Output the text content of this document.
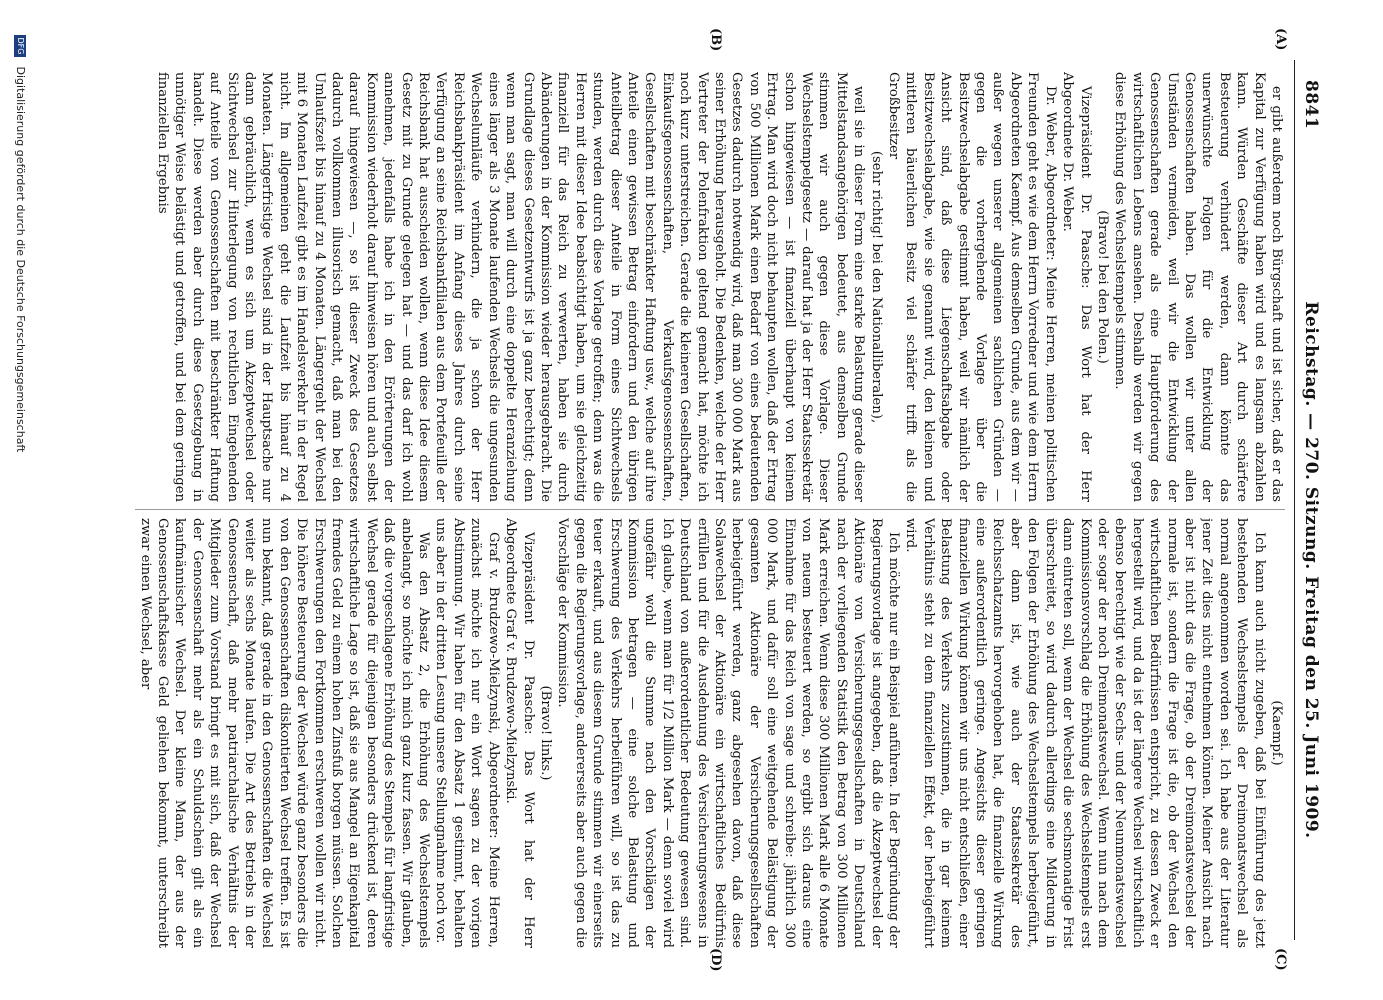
8841
Reichstag. — 270. Sitzung. Freitag den 25. Juni 1909.
(C)
(D)
(A)
(B)

er gibt außerdem noch Bürgschaft und ist sicher, daß er das Kapital zur Verfügung haben wird und es langsam abzahlen kann. Würden Geschäfte dieser Art durch schärfere Besteuerung verhindert werden, dann könnte das unerwünschte Folgen für die Entwicklung der Genossenschaften haben. Das wollen wir unter allen Umständen vermeiden, weil wir die Entwicklung der Genossenschaften gerade als eine Hauptforderung des wirtschaftlichen Lebens ansehen. Deshalb werden wir gegen diese Erhöhung des Wechselstempels stimmen.

(Bravo! bei den Polen.)

Vizepräsident Dr. Paasche: Das Wort hat der Herr Abgeordnete Dr. Weber.

Dr. Weber, Abgeordneter: Meine Herren, meinen politischen Freunden geht es wie dem Herrn Vorredner und wie dem Herrn Abgeordneten Kaempf. Aus demselben Grunde, aus dem wir — außer wegen unserer allgemeinen sachlichen Gründen — gegen die vorhergehende Vorlage über die Besitzwechselabgabe gestimmt haben, weil wir nämlich der Ansicht sind, daß diese Liegenschaftsabgabe oder Besitzwechselabgabe, wie sie genannt wird, den kleinen und mittleren bäuerlichen Besitz viel schärfer trifft als die Großbesitzer

(sehr richtig! bei den Nationalliberalen),

weil sie in dieser Form eine starke Belastung gerade dieser Mittelstandsangehörigen bedeutet, aus demselben Grunde stimmen wir auch gegen diese Vorlage. Dieser Wechselstempelgesetz — darauf hat ja der Herr Staatssekretär schon hingewiesen — ist finanziell überhaupt von keinem Ertrag. Man wird doch nicht behaupten wollen, daß der Ertrag von 500 Millionen Mark einen Bedarf von eines bedeutenden Gesetzes dadurch notwendig wird, daß man 300 000 Mark aus seiner Erhöhung herausgeholt. Die Bedenken, welche der Herr Vertreter der Polenfraktion geltend gemacht hat, möchte ich noch kurz unterstreichen. Gerade die kleineren Gesellschaften, Einkaufsgenossenschaften, Verkaufsgenossenschaften, Gesellschaften mit beschränkter Haftung usw., welche auf ihre Anteile einen gewissen Betrag einfordern und den übrigen Anteilbetrag dieser Anteile in Form eines Sichtwechsels stunden, werden durch diese Vorlage getroffen; denn was die Herren mit dieser Idee beabsichtigt haben, um sie gleichzeitig finanziell für das Reich zu verwerten, haben sie durch Abänderungen in der Kommission wieder herausgebracht. Die Grundlage dieses Gesetzentwurfs ist ja ganz berechtigt; denn wenn man sagt, man will durch eine doppelte Heranziehung eines länger als 3 Monate laufenden Wechsels die ungesunden Wechselumläufe verhindern, die ja schon der Herr Reichsbankpräsident im Anfang dieses Jahres durch seine Verfügung an seine Reichsbankfilialen aus dem Portefeuille der Reichsbank hat ausscheiden wollen, wenn diese Idee diesem Gesetz mit zu Grunde gelegen hat — und das darf ich wohl annehmen, jedenfalls habe ich in den Erörterungen der Kommission wiederholt darauf hinweisen hören und auch selbst darauf hingewiesen —, so ist dieser Zweck des Gesetzes dadurch vollkommen illusorisch gemacht, daß man bei den Umlaufszeit bis hinauf zu 4 Monaten. Längergeht der Wechsel mit 6 Monaten Laufzeit gibt es im Handelsverkehr in der Regel nicht. Im allgemeinen geht die Laufzeit bis hinauf zu 4 Monaten. Längerfristige Wechsel sind in der Hauptsache nur dann gebräuchlich, wenn es sich um Akzeptwechsel oder Sichtwechsel zur Hinterlegung von rechtlichen Eingehenden auf Anteile von Genossenschaften mit beschränkter Haftung handelt. Diese werden aber durch diese Gesetzgebung in unnötiger Weise belästigt und getroffen, und bei dem geringen finanziellen Ergebnis

(Kaempf.)

Ich kann auch nicht zugeben, daß bei Einführung des jetzt bestehenden Wechselstempels der Dreimonatswechsel als normal angenommen worden sei. Ich habe aus der Literatur jener Zeit dies nicht entnehmen können. Meiner Ansicht nach aber ist nicht das die Frage, ob der Dreimonatswechsel der normale ist, sondern die Frage ist die, ob der Wechsel den wirtschaftlichen Bedürfnissen entspricht, zu dessen Zweck er hergestellt wird, und da ist der längere Wechsel wirtschaftlich ebenso berechtigt wie der Sechs- und der Neunmonatswechsel oder sogar der noch Dreimonatswechsel. Wenn nun nach dem Kommissionsvorschlag die Erhöhung des Wechselstempels erst dann eintreten soll, wenn der Wechsel die sechsmonatige Frist überschreitet, so wird dadurch allerdings eine Milderung in den Folgen der Erhöhung des Wechselstempels herbeigeführt, aber dann ist, wie auch der Staatssekretär des Reichsschatzamts hervorgehoben hat, die finanzielle Wirkung eine außerordentlich geringe. Angesichts dieser geringen finanziellen Wirkung können wir uns nicht entschließen, einer Belastung des Verkehrs zuzustimmen, die in gar keinem Verhältnis steht zu dem finanziellen Effekt, der herbeigeführt wird.

Ich möchte nur ein Beispiel anführen. In der Begründung der Regierungsvorlage ist angegeben, daß die Akzeptwechsel der Aktionäre von Versicherungsgesellschaften in Deutschland nach der vorliegenden Statistik den Betrag von 300 Millionen Mark erreichen. Wenn diese 300 Millionen Mark alle 6 Monate von neuem besteuert werden, so ergibt sich daraus eine Einnahme für das Reich von sage und schreibe: jährlich 300 000 Mark, und dafür soll eine weitgehende Belästigung der gesamten Aktionäre der Versicherungsgesellschaften herbeigeführt werden, ganz abgesehen davon, daß diese Solawechsel der Aktionäre ein wirtschaftliches Bedürfnis erfüllen und für die Ausdehnung des Versicherungswesens in Deutschland von außerordentlicher Bedeutung gewesen sind. Ich glaube, wenn man für 1/2 Million Mark — denn soviel wird ungefähr wohl die Summe nach den Vorschlägen der Kommission betragen — eine solche Belastung und Erschwerung des Verkehrs herbeiführen will, so ist das zu teuer erkauft, und aus diesem Grunde stimmen wir einerseits gegen die Regierungsvorlage, andererseits aber auch gegen die Vorschläge der Kommission.

(Bravo! links.)

Vizepräsident Dr. Paasche: Das Wort hat der Herr Abgeordnete Graf v. Brudzewo-Mielzynski.

Graf v. Brudzewo-Mielzynski, Abgeordneter: Meine Herren, zunächst möchte ich nur ein Wort sagen zu der vorigen Abstimmung. Wir haben für den Absatz 1 gestimmt, behalten uns aber in der dritten Lesung unsere Stellungnahme noch vor.

Was den Absatz 2, die Erhöhung des Wechselstempels anbelangt, so möchte ich mich ganz kurz fassen. Wir glauben, daß die vorgeschlagene Erhöhung des Stempels für langfristige Wechsel gerade für diejenigen besonders drückend ist, deren wirtschaftliche Lage so ist, daß sie aus Mangel an Eigenkapital fremdes Geld zu einem hohen Zinsfuß borgen müssen. Solchen Erschwerungen den Fortkommen erschweren wollen wir nicht. Die höhere Besteuerung der Wechsel würde ganz besonders die von den Genossenschaften diskontierten Wechsel treffen. Es ist nun bekannt, daß gerade in den Genossenschaften die Wechsel weiter als sechs Monate laufen. Die Art des Betriebs in der Genossenschaft, daß mehr patriarchalische Verhältnis der Mitglieder zum Vorstand bringt es mit sich, daß der Wechsel der Genossenschaft mehr als ein Schuldschein gilt als ein kaufmännischer Wechsel. Der kleine Mann, der aus der Genossenschaftskasse Geld geliehen bekommt, unterschreibt zwar einen Wechsel, aber

DFG Digitalisierung gefördert durch die Deutsche Forschungsgemeinschaft
